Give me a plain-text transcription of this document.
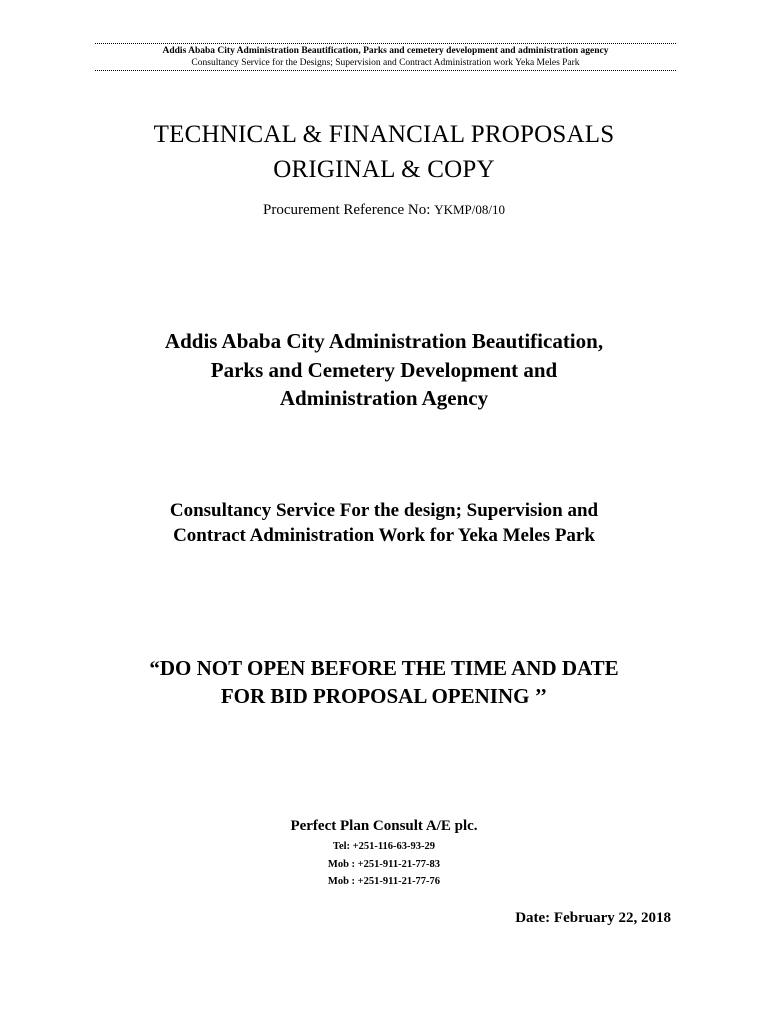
Addis Ababa City Administration Beautification, Parks and cemetery development and administration agency
Consultancy Service for the Designs; Supervision and Contract Administration work Yeka Meles Park
TECHNICAL & FINANCIAL PROPOSALS
ORIGINAL & COPY
Procurement Reference No: YKMP/08/10
Addis Ababa City Administration Beautification,
Parks and Cemetery Development and
Administration Agency
Consultancy Service For the design; Supervision and
Contract Administration Work for Yeka Meles Park
“DO NOT OPEN BEFORE THE TIME AND DATE
FOR BID PROPOSAL OPENING ’’
Perfect Plan Consult A/E plc.
Tel: +251-116-63-93-29
Mob : +251-911-21-77-83
Mob : +251-911-21-77-76
Date: February 22, 2018
